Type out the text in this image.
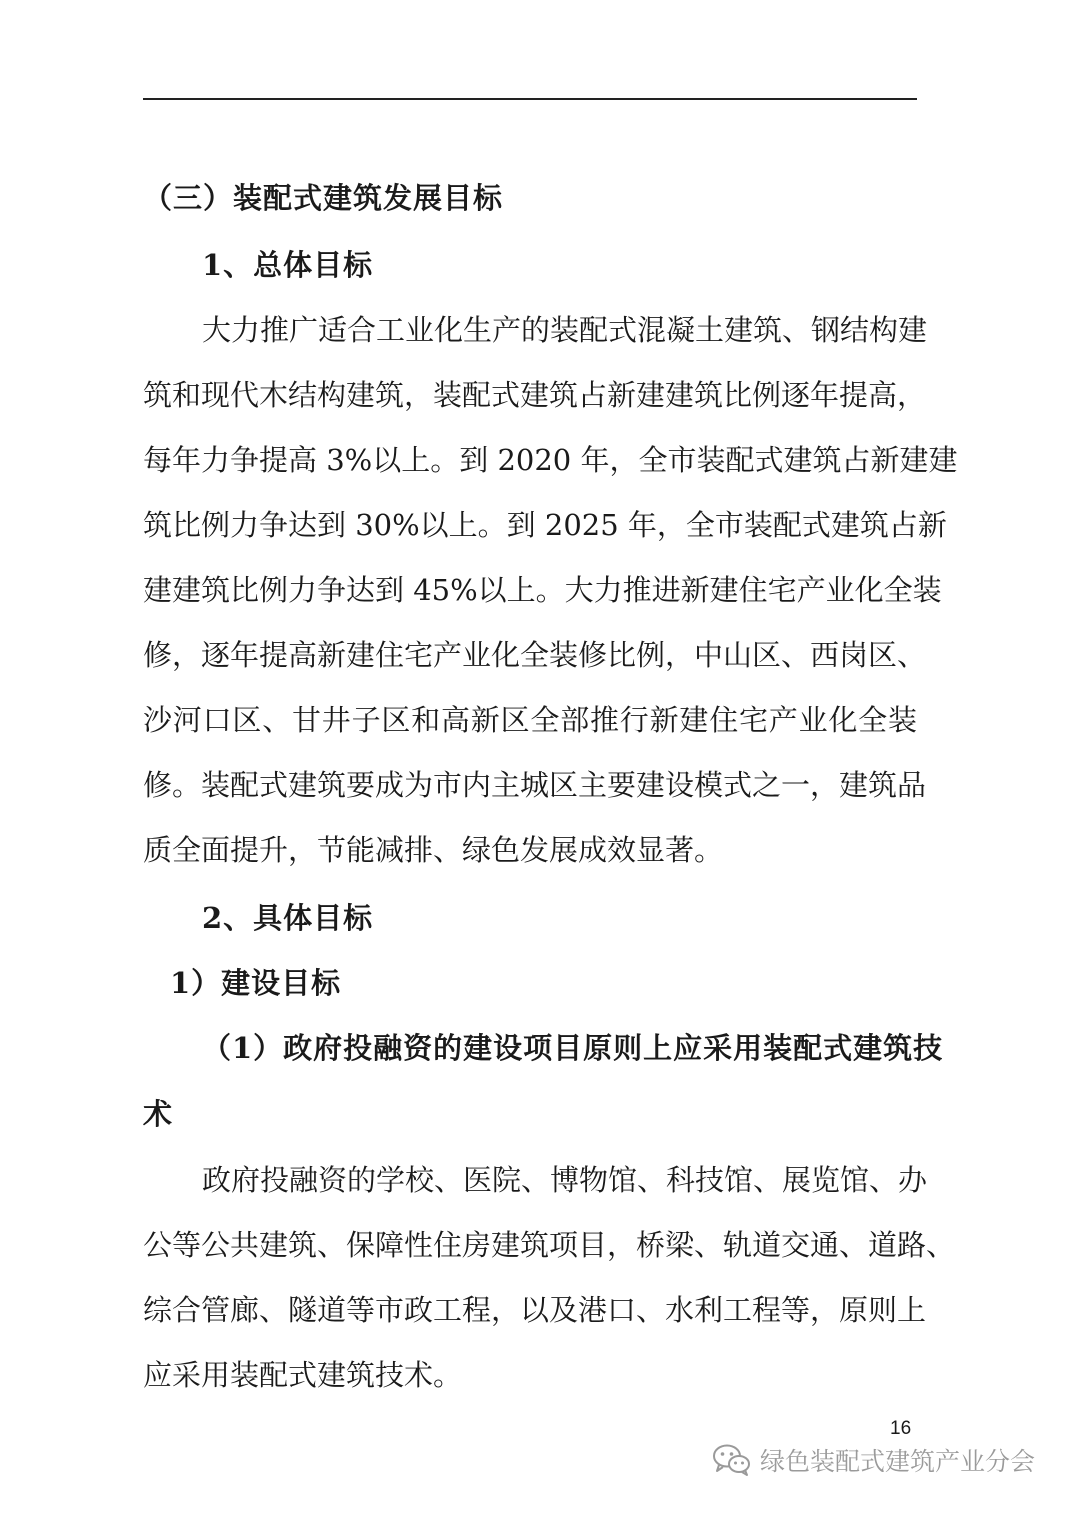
（三）装配式建筑发展目标
1、总体目标
大力推广适合工业化生产的装配式混凝土建筑、钢结构建
筑和现代木结构建筑，装配式建筑占新建建筑比例逐年提高，
每年力争提高 3%以上。到 2020 年，全市装配式建筑占新建建
筑比例力争达到 30%以上。到 2025 年，全市装配式建筑占新
建建筑比例力争达到 45%以上。大力推进新建住宅产业化全装
修，逐年提高新建住宅产业化全装修比例，中山区、西岗区、
沙河口区、甘井子区和高新区全部推行新建住宅产业化全装
修。装配式建筑要成为市内主城区主要建设模式之一，建筑品
质全面提升，节能减排、绿色发展成效显著。
2、具体目标
1）建设目标
（1）政府投融资的建设项目原则上应采用装配式建筑技
术
政府投融资的学校、医院、博物馆、科技馆、展览馆、办
公等公共建筑、保障性住房建筑项目，桥梁、轨道交通、道路、
综合管廊、隧道等市政工程，以及港口、水利工程等，原则上
应采用装配式建筑技术。
16
绿色装配式建筑产业分会
